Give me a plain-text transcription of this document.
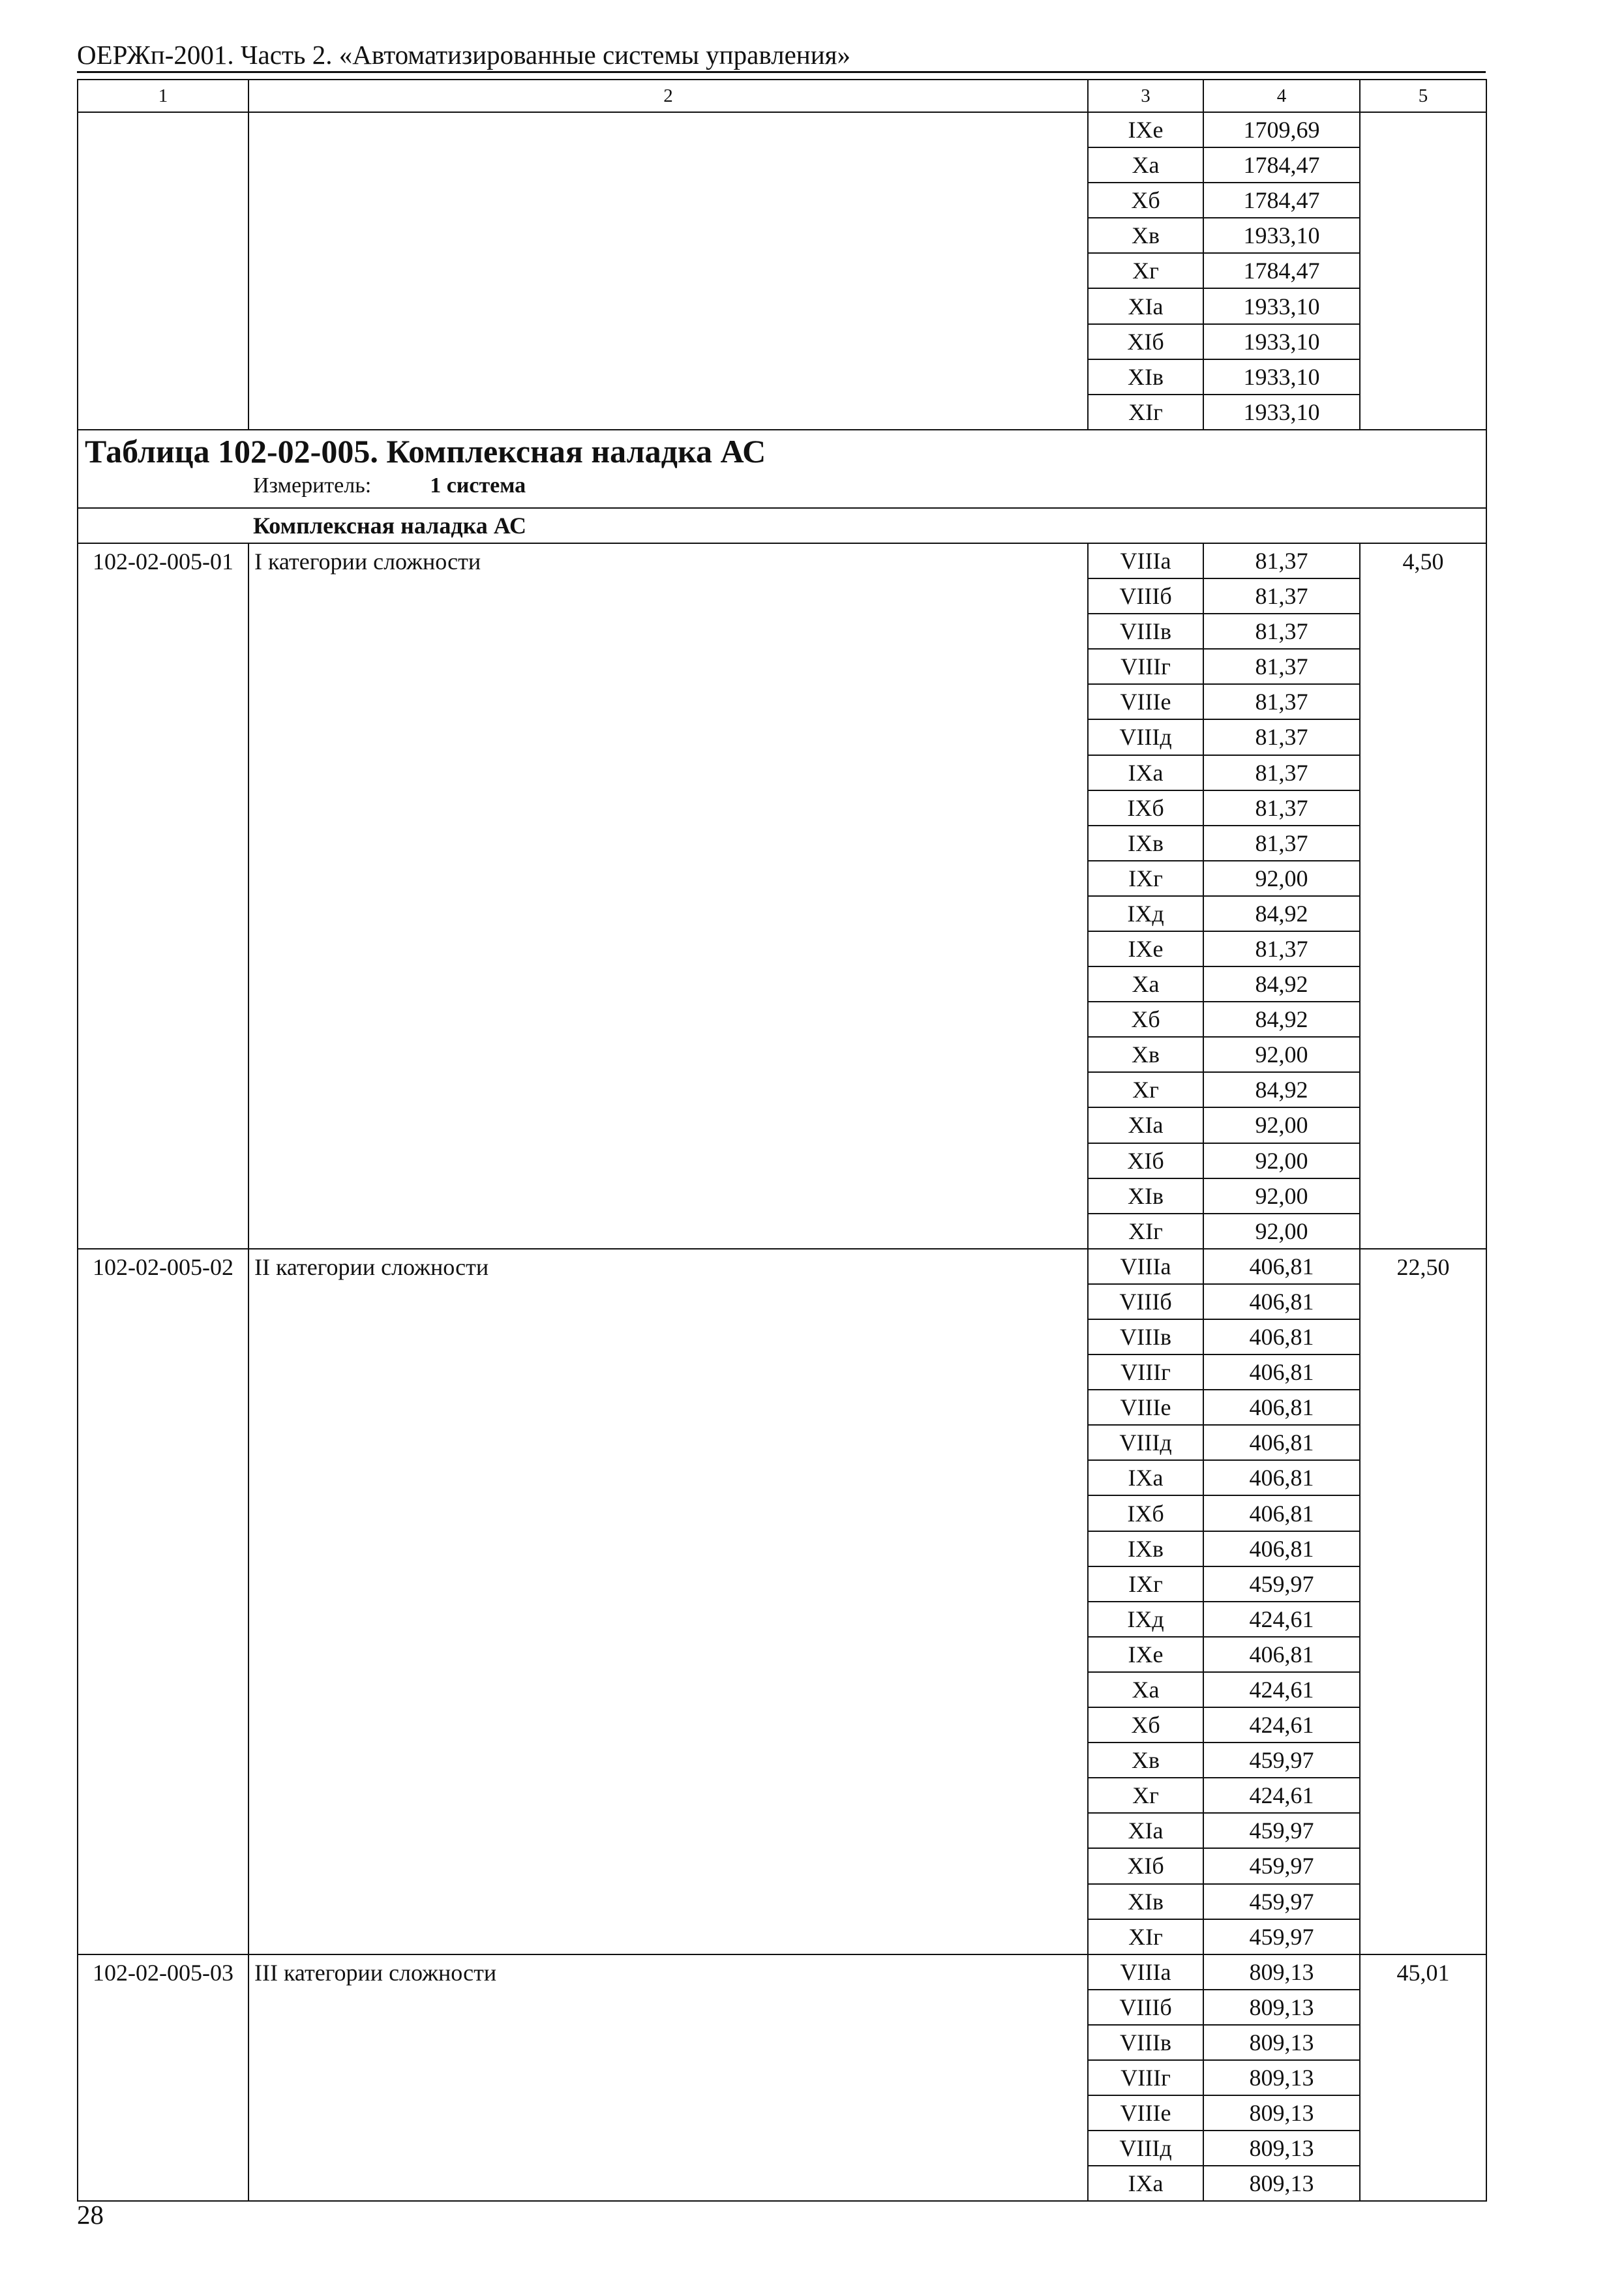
ОЕРЖп-2001. Часть 2. «Автоматизированные системы управления»
1	2	3	4	5
		IXе	1709,69	
		Xа	1784,47	
		Xб	1784,47	
		Xв	1933,10	
		Xг	1784,47	
		XIа	1933,10	
		XIб	1933,10	
		XIв	1933,10	
		XIг	1933,10	

Таблица 102-02-005. Комплексная наладка АС
Измеритель: 1 система				

Комплексная наладка АС				
102-02-005-01	I категории сложности	VIIIа	81,37	4,50
		VIIIб	81,37	
		VIIIв	81,37	
		VIIIг	81,37	
		VIIIе	81,37	
		VIIIд	81,37	
		IXа	81,37	
		IXб	81,37	
		IXв	81,37	
		IXг	92,00	
		IXд	84,92	
		IXе	81,37	
		Xа	84,92	
		Xб	84,92	
		Xв	92,00	
		Xг	84,92	
		XIа	92,00	
		XIб	92,00	
		XIв	92,00	
		XIг	92,00	
102-02-005-02	II категории сложности	VIIIа	406,81	22,50
		VIIIб	406,81	
		VIIIв	406,81	
		VIIIг	406,81	
		VIIIе	406,81	
		VIIIд	406,81	
		IXа	406,81	
		IXб	406,81	
		IXв	406,81	
		IXг	459,97	
		IXд	424,61	
		IXе	406,81	
		Xа	424,61	
		Xб	424,61	
		Xв	459,97	
		Xг	424,61	
		XIа	459,97	
		XIб	459,97	
		XIв	459,97	
		XIг	459,97	
102-02-005-03	III категории сложности	VIIIа	809,13	45,01
		VIIIб	809,13	
		VIIIв	809,13	
		VIIIг	809,13	
		VIIIе	809,13	
		VIIIд	809,13	
		IXа	809,13	
28
